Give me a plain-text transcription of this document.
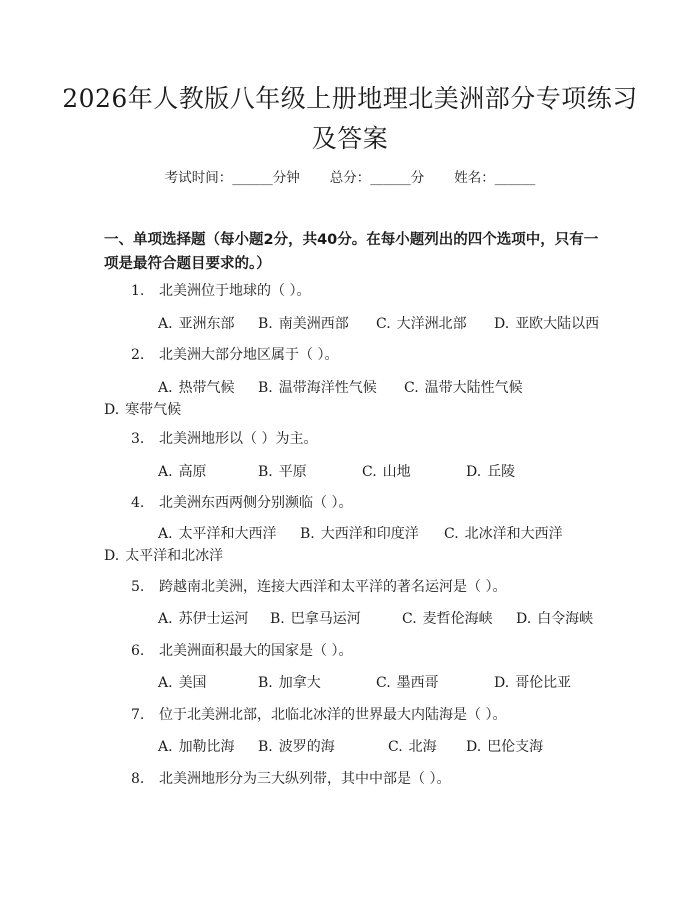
2026年人教版八年级上册地理北美洲部分专项练习及答案
考试时间：______分钟 总分：______分 姓名：______
一、单项选择题（每小题2分，共40分。在每小题列出的四个选项中，只有一项是最符合题目要求的。）
1. 北美洲位于地球的（ ）。
A. 亚洲东部 B. 南美洲西部 C. 大洋洲北部 D. 亚欧大陆以西
2. 北美洲大部分地区属于（ ）。
A. 热带气候 B. 温带海洋性气候 C. 温带大陆性气候D. 寒带气候
3. 北美洲地形以（ ）为主。
A. 高原	B. 平原	C. 山地	D. 丘陵
4. 北美洲东西两侧分别濒临（ ）。
A. 太平洋和大西洋 B. 大西洋和印度洋 C. 北冰洋和大西洋D. 太平洋和北冰洋
5. 跨越南北美洲，连接大西洋和太平洋的著名运河是（ ）。
A. 苏伊士运河 B. 巴拿马运河	C. 麦哲伦海峡 D. 白令海峡
6. 北美洲面积最大的国家是（ ）。
A. 美国	B. 加拿大	C. 墨西哥	D. 哥伦比亚
7. 位于北美洲北部，北临北冰洋的世界最大内陆海是（ ）。
A. 加勒比海 B. 波罗的海	C. 北海 D. 巴伦支海
8. 北美洲地形分为三大纵列带，其中中部是（ ）。
